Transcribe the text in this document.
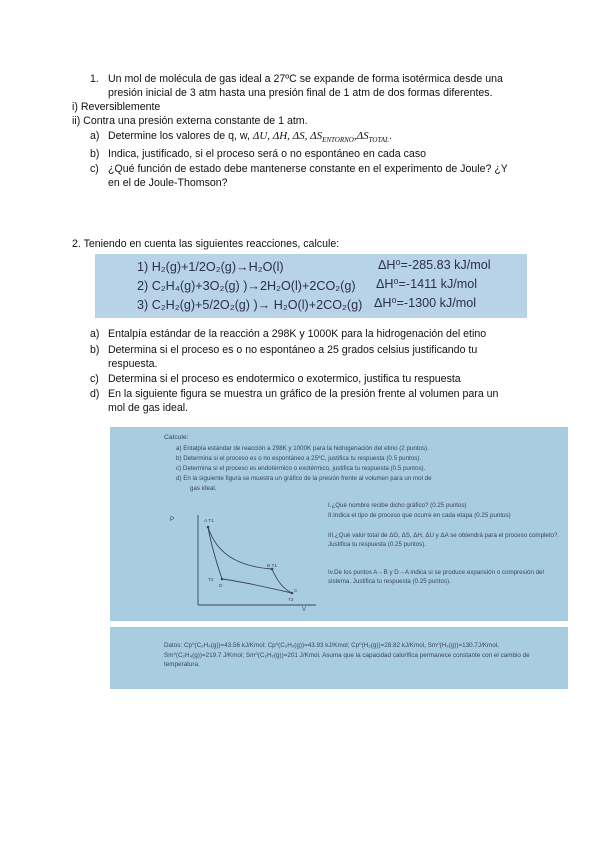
1. Un mol de molécula de gas ideal a 27ºC se expande de forma isotérmica desde una
presión inicial de 3 atm hasta una presión final de 1 atm de dos formas diferentes.
i) Reversiblemente
ii) Contra una presión externa constante de 1 atm.
a) Determine los valores de q, w, ΔU, ΔH, ΔS, $\Delta S_{ENTORNO},\Delta S_{TOTAL}$.
b) Indica, justificado, si el proceso será o no espontáneo en cada caso
c) ¿Qué función de estado debe mantenerse constante en el experimento de Joule? ¿Y
en el de Joule-Thomson?
2. Teniendo en cuenta las siguientes reacciones, calcule:
1) H₂(g)+1/2O₂(g)→H₂O(l)	ΔH⁰=-285.83 kJ/mol
2) C₂H₄(g)+3O₂(g) )→2H₂O(l)+2CO₂(g) ΔH⁰=-1411 kJ/mol
3) C₂H₂(g)+5/2O₂(g) )→ H₂O(l)+2CO₂(g) ΔH⁰=-1300 kJ/mol
a) Entalpía estándar de la reacción a 298K y 1000K para la hidrogenación del etino
b) Determina si el proceso es o no espontáneo a 25 grados celsius justificando tu
respuesta.
c) Determina si el proceso es endotermico o exotermico, justifica tu respuesta
d) En la siguiente figura se muestra un gráfico de la presión frente al volumen para un
mol de gas ideal.
Calcule:
a) Entalpía estándar de reacción a 298K y 1000K para la hidrogenación del etino (2 puntos).
b) Determina si el proceso es o no espontáneo a 25ºC, justifica tu respuesta (0.5 puntos).
c) Determina si el proceso es endotérmico o exotérmico, justifica tu respuesta (0.5 puntos).
d) En la siguiente figura se muestra un gráfico de la presión frente al volumen para un mol de
gas ideal.
P
V
A T1
B T1
C
D
T2
T2
I.¿Qué nombre recibe dicho gráfico? (0.25 puntos)
II.Indica el tipo de proceso que ocurre en cada etapa (0.25 puntos)
III.¿Qué valor total de ΔG, ΔS, ΔH, ΔU y ΔA se obtendrá para el proceso completo?. Justifica tu respuesta (0.25 puntos).
Iv.De los puntos A→B y D→A indica si se produce expansión o compresión del sistema. Justifica tu respuesta (0.25 puntos).
Datos: Cp⁰(C₂H₄(g))=43.56 kJ/Kmol; Cp⁰(C₂H₂(g))=43.93 kJ/Kmol; Cp⁰(H₂(g))=28.82 kJ/Kmol, Sm⁰(H₂(g))=130.7J/Kmol, Sm⁰(C₂H₄(g))=219.7 J/Kmol; Sm⁰(C₂H₂(g))=201 J/Kmol. Asuma que la capacidad calorífica permanece constante con el cambio de temperatura.
